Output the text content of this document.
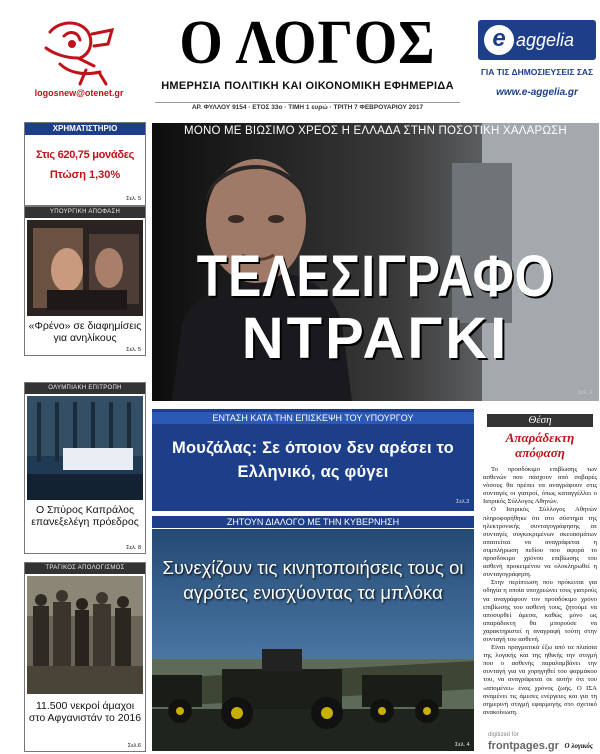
logosnew@otenet.gr
Ο ΛΟΓΟΣ
ΗΜΕΡΗΣΙΑ ΠΟΛΙΤΙΚΗ ΚΑΙ ΟΙΚΟΝΟΜΙΚΗ ΕΦΗΜΕΡΙΔΑ
ΑΡ. ΦΥΛΛΟΥ 9154 · ΕΤΟΣ 33ο · ΤΙΜΗ 1 ευρώ · ΤΡΙΤΗ 7 ΦΕΒΡΟΥΑΡΙΟΥ 2017
e aggelia
ΓΙΑ ΤΙΣ ΔΗΜΟΣΙΕΥΣΕΙΣ ΣΑΣ
www.e-aggelia.gr
ΧΡΗΜΑΤΙΣΤΗΡΙΟ
Στις 620,75 μονάδες
Πτώση 1,30%
Σελ. 5
ΥΠΟΥΡΓΙΚΗ ΑΠΟΦΑΣΗ
«Φρένο» σε διαφημίσεις για ανηλίκους
Σελ. 5
ΟΛΥΜΠΙΑΚΗ ΕΠΙΤΡΟΠΗ
Ο Σπύρος Καπράλος επανεξελέγη πρόεδρος
Σελ. 8
ΤΡΑΓΙΚΟΣ ΑΠΟΛΟΓΙΣΜΟΣ
11.500 νεκροί άμαχοι στο Αφγανιστάν το 2016
Σελ.6
ΜΟΝΟ ΜΕ ΒΙΩΣΙΜΟ ΧΡΕΟΣ Η ΕΛΛΑΔΑ ΣΤΗΝ ΠΟΣΟΤΙΚΗ ΧΑΛΑΡΩΣΗ
ΤΕΛΕΣΙΓΡΑΦΟ
ΝΤΡΑΓΚΙ
Σελ. 2
ΕΝΤΑΣΗ ΚΑΤΑ ΤΗΝ ΕΠΙΣΚΕΨΗ ΤΟΥ ΥΠΟΥΡΓΟΥ
Μουζάλας: Σε όποιον δεν αρέσει το Ελληνικό, ας φύγει
Σελ.3
ΖΗΤΟΥΝ ΔΙΑΛΟΓΟ ΜΕ ΤΗΝ ΚΥΒΕΡΝΗΣΗ
Συνεχίζουν τις κινητοποιήσεις τους οι αγρότες ενισχύοντας τα μπλόκα
Σελ. 4
Θέση
Απαράδεκτη απόφαση

Το προσδόκιμο επιβίωσης των ασθενών που πάσχουν από σοβαρές νόσους θα πρέπει να αναγράφουν στις συνταγές οι γιατροί, όπως καταγγέλλει ο Ιατρικός Σύλλογος Αθηνών.

Ο Ιατρικός Σύλλογος Αθηνών πληροφορήθηκε ότι στο σύστημα της ηλεκτρονικής συνταγογράφησης σε συνταγές συγκεκριμένων σκευασμάτων απαιτείται να αναγράφεται η συμπλήρωση πεδίου που αφορά το προσδόκιμο χρόνου επιβίωσης του ασθενή προκειμένου να ολοκληρωθεί η συνταγογράφηση.

Στην περίπτωση που πρόκειται για οδηγία η οποία υποχρεώνει τους γιατρούς να αναγράφουν τον προσδόκιμο χρόνο επιβίωσης του ασθενή τους, ζητούμε να αποσυρθεί άμεσα, καθώς μόνο ως απαράδεκτη θα μπορούσε να χαρακτηριστεί η αναγραφή τούτη στην συνταγή του ασθενή.

Είναι πραγματικά έξω από τα πλαίσια της λογικής και της ηθικής την στιγμή που ο ασθενής παραλαμβάνει την συνταγή για να χορηγηθεί του φαρμάκου του, να αναγράφεται σε αυτήν ότι του «απομένει» ένας χρόνος ζωής. Ο ΙΣΑ αναμένει τις άμεσες ενέργειες και για τη σημερινή στιγμή εφαρμογής στο σχετικό ανακοίνωση.

Ο λογικός
digitized for
frontpages.gr
